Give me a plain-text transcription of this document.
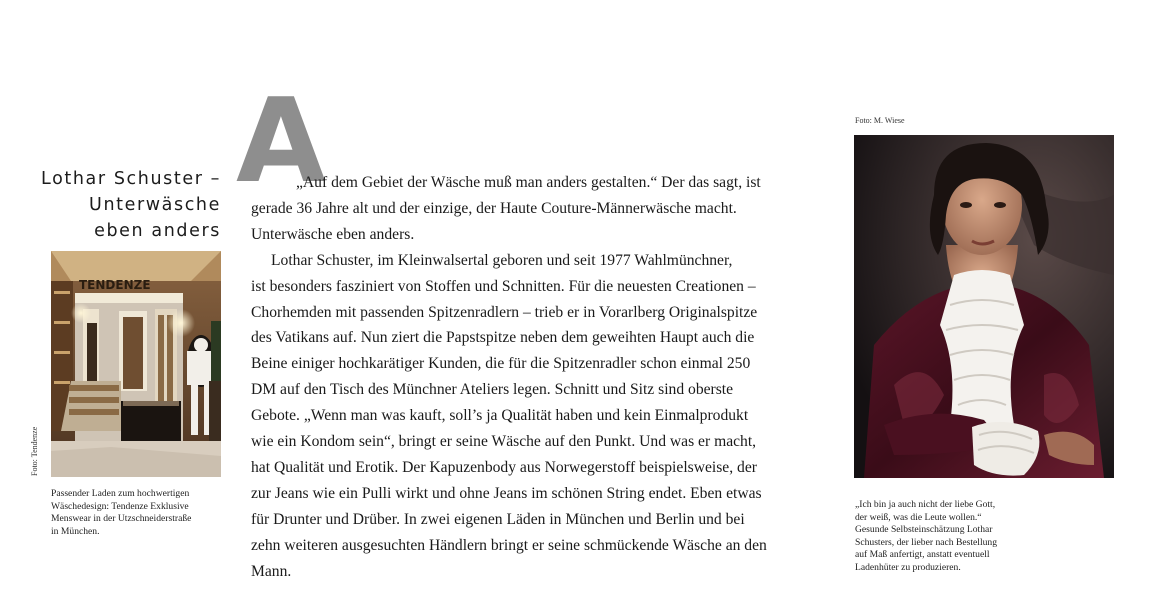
Lothar Schuster –
Unterwäsche
eben anders
TENDENZE
Foto: Tendenze
Passender Laden zum hochwertigen
Wäschedesign: Tendenze Exklusive
Menswear in der Utzschneiderstraße
in München.
A
„Auf dem Gebiet der Wäsche muß man anders gestalten.“ Der das sagt, ist
gerade 36 Jahre alt und der einzige, der Haute Couture-Männerwäsche macht.
Unterwäsche eben anders.
Lothar Schuster, im Kleinwalsertal geboren und seit 1977 Wahlmünchner,
ist besonders fasziniert von Stoffen und Schnitten. Für die neuesten Creationen –
Chorhemden mit passenden Spitzenradlern – trieb er in Vorarlberg Originalspitze
des Vatikans auf. Nun ziert die Papstspitze neben dem geweihten Haupt auch die
Beine einiger hochkarätiger Kunden, die für die Spitzenradler schon einmal 250
DM auf den Tisch des Münchner Ateliers legen. Schnitt und Sitz sind oberste
Gebote. „Wenn man was kauft, soll’s ja Qualität haben und kein Einmalprodukt
wie ein Kondom sein“, bringt er seine Wäsche auf den Punkt. Und was er macht,
hat Qualität und Erotik. Der Kapuzenbody aus Norwegerstoff beispielsweise, der
zur Jeans wie ein Pulli wirkt und ohne Jeans im schönen String endet. Eben etwas
für Drunter und Drüber. In zwei eigenen Läden in München und Berlin und bei
zehn weiteren ausgesuchten Händlern bringt er seine schmückende Wäsche an den
Mann.
Foto: M. Wiese
„Ich bin ja auch nicht der liebe Gott,
der weiß, was die Leute wollen.“
Gesunde Selbsteinschätzung Lothar
Schusters, der lieber nach Bestellung
auf Maß anfertigt, anstatt eventuell
Ladenhüter zu produzieren.
